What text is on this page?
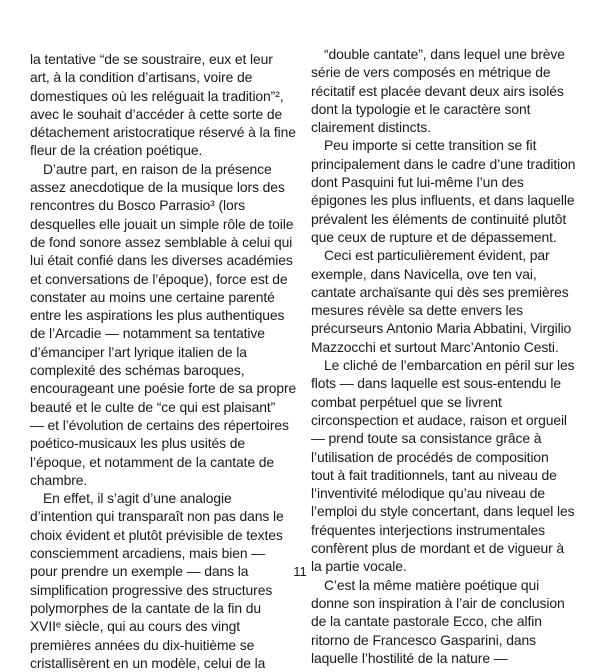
la tentative “de se soustraire, eux et leur
art, à la condition d’artisans, voire de
domestiques où les reléguait la tradition”²,
avec le souhait d’accéder à cette sorte de
détachement aristocratique réservé à la fine
fleur de la création poétique.
D’autre part, en raison de la présence
assez anecdotique de la musique lors des
rencontres du Bosco Parrasio³ (lors
desquelles elle jouait un simple rôle de toile
de fond sonore assez semblable à celui qui
lui était confié dans les diverses académies
et conversations de l’époque), force est de
constater au moins une certaine parenté
entre les aspirations les plus authentiques
de l’Arcadie — notamment sa tentative
d’émanciper l’art lyrique italien de la
complexité des schémas baroques,
encourageant une poésie forte de sa propre
beauté et le culte de “ce qui est plaisant”
— et l’évolution de certains des répertoires
poético-musicaux les plus usités de
l’époque, et notamment de la cantate de
chambre.
En effet, il s’agit d’une analogie
d’intention qui transparaît non pas dans le
choix évident et plutôt prévisible de textes
consciemment arcadiens, mais bien —
pour prendre un exemple — dans la
simplification progressive des structures
polymorphes de la cantate de la fin du
XVIIᵉ siècle, qui au cours des vingt
premières années du dix-huitième se
cristallisèrent en un modèle, celui de la
“double cantate”, dans lequel une brève
série de vers composés en métrique de
récitatif est placée devant deux airs isolés
dont la typologie et le caractère sont
clairement distincts.
Peu importe si cette transition se fit
principalement dans le cadre d’une tradition
dont Pasquini fut lui-même l’un des
épigones les plus influents, et dans laquelle
prévalent les éléments de continuité plutôt
que ceux de rupture et de dépassement.
Ceci est particulièrement évident, par
exemple, dans Navicella, ove ten vai,
cantate archaïsante qui dès ses premières
mesures révèle sa dette envers les
précurseurs Antonio Maria Abbatini, Virgilio
Mazzocchi et surtout Marc’Antonio Cesti.
Le cliché de l’embarcation en péril sur les
flots — dans laquelle est sous-entendu le
combat perpétuel que se livrent
circonspection et audace, raison et orgueil
— prend toute sa consistance grâce à
l’utilisation de procédés de composition
tout à fait traditionnels, tant au niveau de
l’inventivité mélodique qu’au niveau de
l’emploi du style concertant, dans lequel les
fréquentes interjections instrumentales
confèrent plus de mordant et de vigueur à
la partie vocale.
C’est la même matière poétique qui
donne son inspiration à l’air de conclusion
de la cantate pastorale Ecco, che alfin
ritorno de Francesco Gasparini, dans
laquelle l’hostilité de la nature —
11
